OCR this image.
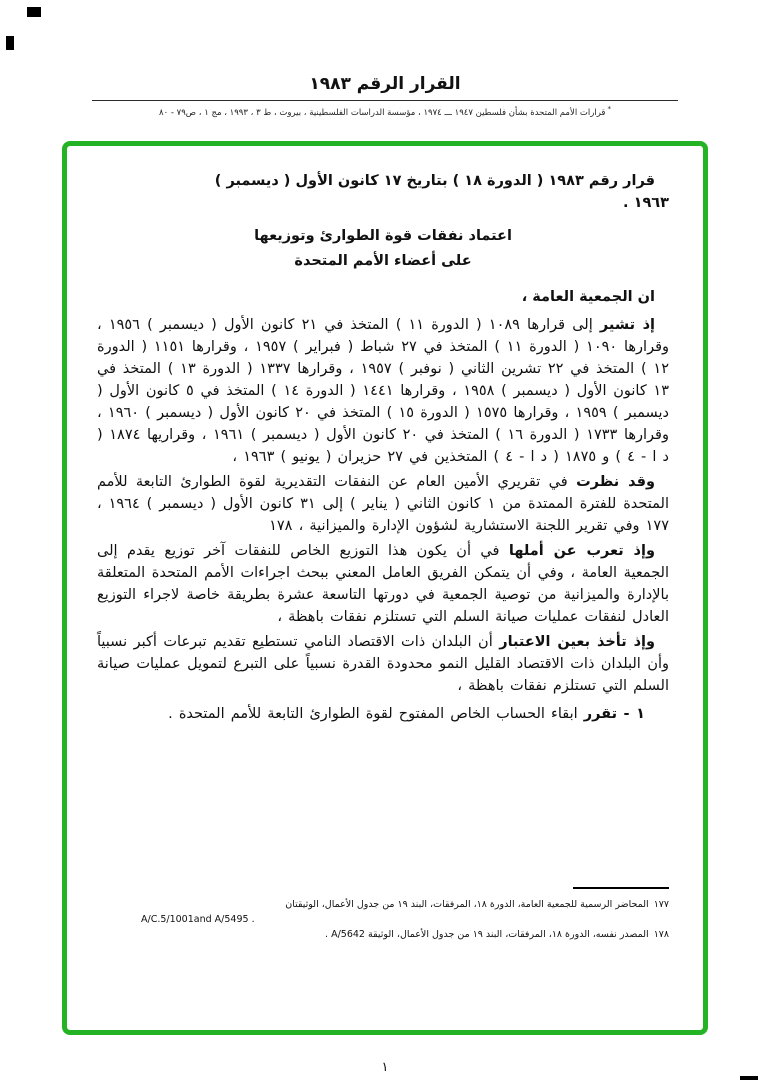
القرار الرقم ١٩٨٣
*قرارات الأمم المتحدة بشأن فلسطين ١٩٤٧ ـــ ١٩٧٤ ، مؤسسة الدراسات الفلسطينية ، بيروت ، ط ٣ ، ١٩٩٣ ، مج ١ ، ص٧٩ - ٨٠
قرار رقم ١٩٨٣ ( الدورة ١٨ ) بتاريخ ١٧ كانون الأول ( ديسمبر )
١٩٦٣ .
اعتماد نفقات قوة الطوارئ وتوزيعها
على أعضاء الأمم المتحدة

ان الجمعية العامة ،

إذ تشير إلى قرارها ١٠٨٩ ( الدورة ١١ ) المتخذ في ٢١ كانون الأول ( ديسمبر ) ١٩٥٦ ، وقرارها ١٠٩٠ ( الدورة ١١ ) المتخذ في ٢٧ شباط ( فبراير ) ١٩٥٧ ، وقرارها ١١٥١ ( الدورة ١٢ ) المتخذ في ٢٢ تشرين الثاني ( نوفبر ) ١٩٥٧ ، وقرارها ١٣٣٧ ( الدورة ١٣ ) المتخذ في ١٣ كانون الأول ( ديسمبر ) ١٩٥٨ ، وقرارها ١٤٤١ ( الدورة ١٤ ) المتخذ في ٥ كانون الأول ( ديسمبر ) ١٩٥٩ ، وقرارها ١٥٧٥ ( الدورة ١٥ ) المتخذ في ٢٠ كانون الأول ( ديسمبر ) ١٩٦٠ ، وقرارها ١٧٣٣ ( الدورة ١٦ ) المتخذ في ٢٠ كانون الأول ( ديسمبر ) ١٩٦١ ، وقراريها ١٨٧٤ ( د ا - ٤ ) و ١٨٧٥ ( د ا - ٤ ) المتخذين في ٢٧ حزيران ( يونيو ) ١٩٦٣ ،

وقد نظرت في تقريري الأمين العام عن النفقات التقديرية لقوة الطوارئ التابعة للأمم المتحدة للفترة الممتدة من ١ كانون الثاني ( يناير ) إلى ٣١ كانون الأول ( ديسمبر ) ١٩٦٤ ، ١٧٧ وفي تقرير اللجنة الاستشارية لشؤون الإدارة والميزانية ، ١٧٨

وإذ تعرب عن أملها في أن يكون هذا التوزيع الخاص للنفقات آخر توزيع يقدم إلى الجمعية العامة ، وفي أن يتمكن الفريق العامل المعني ببحث اجراءات الأمم المتحدة المتعلقة بالإدارة والميزانية من توصية الجمعية في دورتها التاسعة عشرة بطريقة خاصة لاجراء التوزيع العادل لنفقات عمليات صيانة السلم التي تستلزم نفقات باهظة ،

وإذ تأخذ بعين الاعتبار أن البلدان ذات الاقتصاد النامي تستطيع تقديم تبرعات أكبر نسبياً وأن البلدان ذات الاقتصاد القليل النمو محدودة القدرة نسبياً على التبرع لتمويل عمليات صيانة السلم التي تستلزم نفقات باهظة ،

١ - تقرر ابقاء الحساب الخاص المفتوح لقوة الطوارئ التابعة للأمم المتحدة .

١٧٧المحاضر الرسمية للجمعية العامة، الدورة ١٨، المرفقات، البند ١٩ من جدول الأعمال، الوثيقتان

A/C.5/1001and A/5495 .

١٧٨المصدر نفسه، الدورة ١٨، المرفقات، البند ١٩ من جدول الأعمال، الوثيقة A/5642 .

١
